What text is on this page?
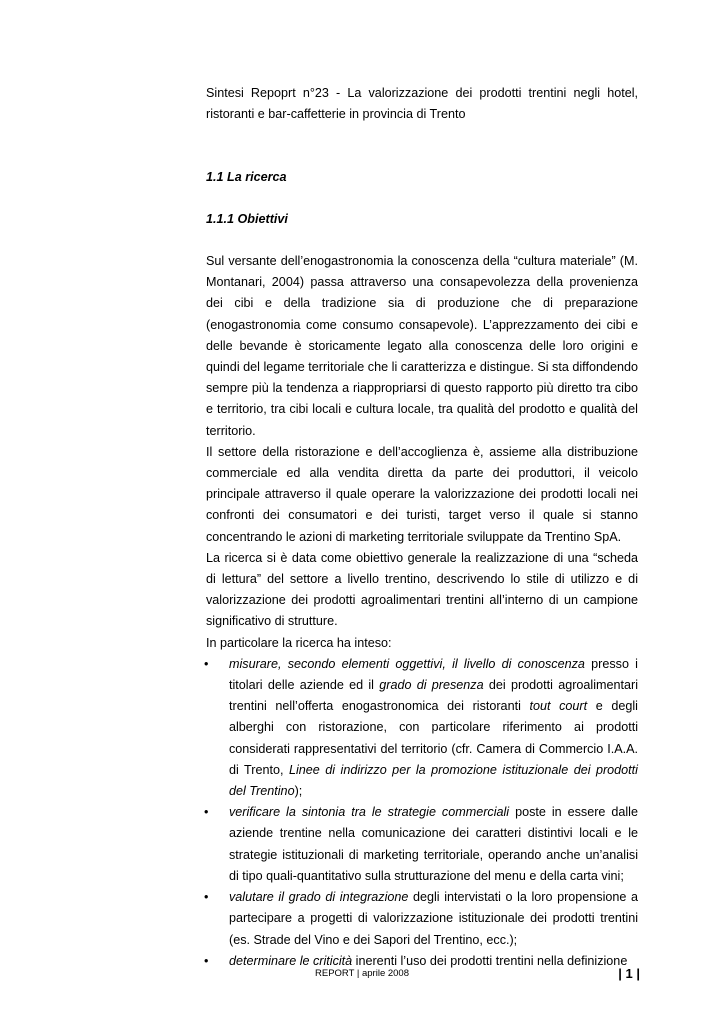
Sintesi Repoprt n°23 - La valorizzazione dei prodotti trentini negli hotel, ristoranti e bar-caffetterie in provincia di Trento
1.1 La ricerca
1.1.1 Obiettivi

Sul versante dell’enogastronomia la conoscenza della “cultura materiale” (M. Montanari, 2004) passa attraverso una consapevolezza della provenienza dei cibi e della tradizione sia di produzione che di preparazione (enogastronomia come consumo consapevole). L’apprezzamento dei cibi e delle bevande è storicamente legato alla conoscenza delle loro origini e quindi del legame territoriale che li caratterizza e distingue. Si sta diffondendo sempre più la tendenza a riappropriarsi di questo rapporto più diretto tra cibo e territorio, tra cibi locali e cultura locale, tra qualità del prodotto e qualità del territorio.

Il settore della ristorazione e dell’accoglienza è, assieme alla distribuzione commerciale ed alla vendita diretta da parte dei produttori, il veicolo principale attraverso il quale operare la valorizzazione dei prodotti locali nei confronti dei consumatori e dei turisti, target verso il quale si stanno concentrando le azioni di marketing territoriale sviluppate da Trentino SpA.

La ricerca si è data come obiettivo generale la realizzazione di una “scheda di lettura” del settore a livello trentino, descrivendo lo stile di utilizzo e di valorizzazione dei prodotti agroalimentari trentini all’interno di un campione significativo di strutture.

In particolare la ricerca ha inteso:

• misurare, secondo elementi oggettivi, il livello di conoscenza presso i titolari delle aziende ed il grado di presenza dei prodotti agroalimentari trentini nell’offerta enogastronomica dei ristoranti tout court e degli alberghi con ristorazione, con particolare riferimento ai prodotti considerati rappresentativi del territorio (cfr. Camera di Commercio I.A.A. di Trento, Linee di indirizzo per la promozione istituzionale dei prodotti del Trentino);
• verificare la sintonia tra le strategie commerciali poste in essere dalle aziende trentine nella comunicazione dei caratteri distintivi locali e le strategie istituzionali di marketing territoriale, operando anche un’analisi di tipo quali-quantitativo sulla strutturazione del menu e della carta vini;
• valutare il grado di integrazione degli intervistati o la loro propensione a partecipare a progetti di valorizzazione istituzionale dei prodotti trentini (es. Strade del Vino e dei Sapori del Trentino, ecc.);
• determinare le criticità inerenti l’uso dei prodotti trentini nella definizione
REPORT | aprile 2008	| 1 |
